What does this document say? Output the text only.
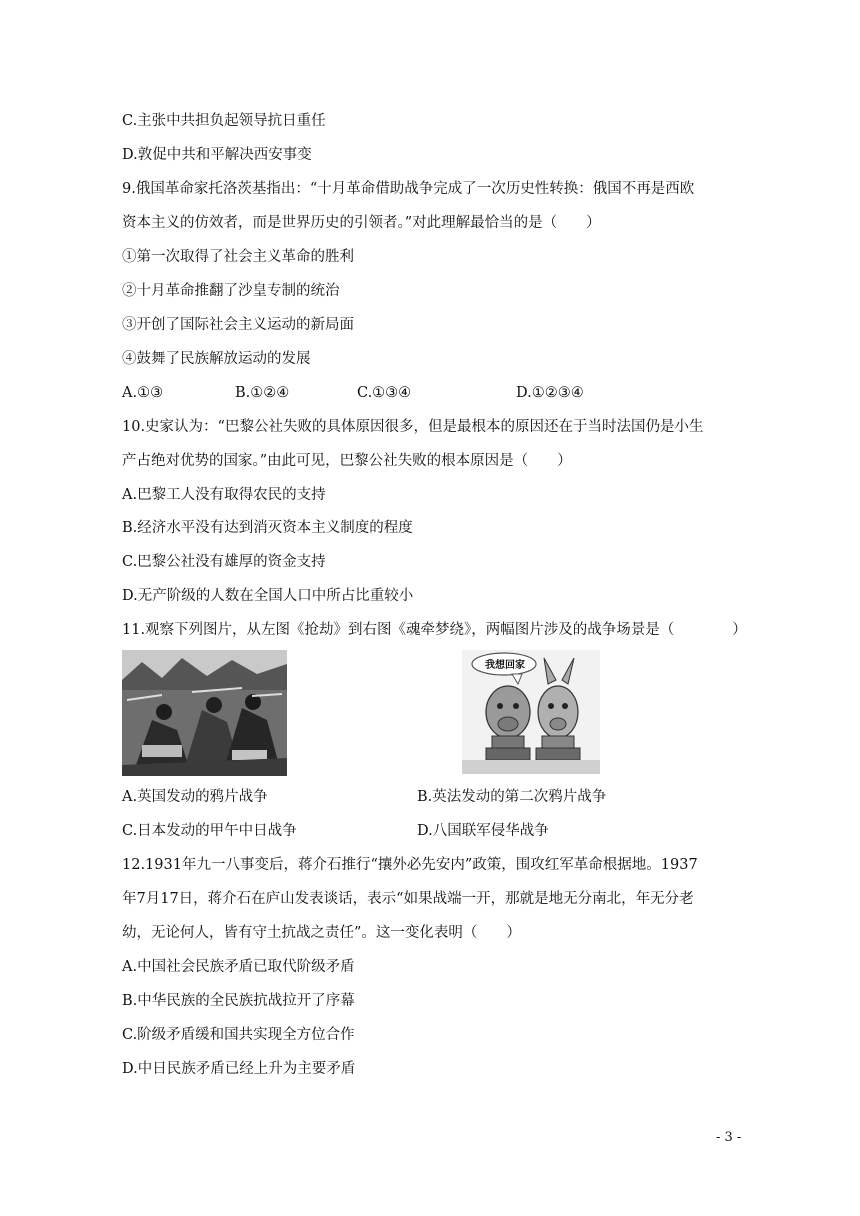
C.主张中共担负起领导抗日重任
D.敦促中共和平解决西安事变
9.俄国革命家托洛茨基指出：“十月革命借助战争完成了一次历史性转换：俄国不再是西欧
资本主义的仿效者，而是世界历史的引领者。”对此理解最恰当的是（　　）
①第一次取得了社会主义革命的胜利
②十月革命推翻了沙皇专制的统治
③开创了国际社会主义运动的新局面
④鼓舞了民族解放运动的发展
A.①③	B.①②④	C.①③④	D.①②③④
10.史家认为：“巴黎公社失败的具体原因很多，但是最根本的原因还在于当时法国仍是小生
产占绝对优势的国家。”由此可见，巴黎公社失败的根本原因是（　　）
A.巴黎工人没有取得农民的支持
B.经济水平没有达到消灭资本主义制度的程度
C.巴黎公社没有雄厚的资金支持
D.无产阶级的人数在全国人口中所占比重较小
11.观察下列图片，从左图《抢劫》到右图《魂牵梦绕》，两幅图片涉及的战争场景是（　　　　）
我想回家
A.英国发动的鸦片战争	B.英法发动的第二次鸦片战争
C.日本发动的甲午中日战争	D.八国联军侵华战争
12.1931年九一八事变后，蒋介石推行“攘外必先安内”政策，围攻红军革命根据地。1937
年7月17日，蒋介石在庐山发表谈话，表示“如果战端一开，那就是地无分南北，年无分老
幼，无论何人，皆有守土抗战之责任”。这一变化表明（　　）
A.中国社会民族矛盾已取代阶级矛盾
B.中华民族的全民族抗战拉开了序幕
C.阶级矛盾缓和国共实现全方位合作
D.中日民族矛盾已经上升为主要矛盾
- 3 -
